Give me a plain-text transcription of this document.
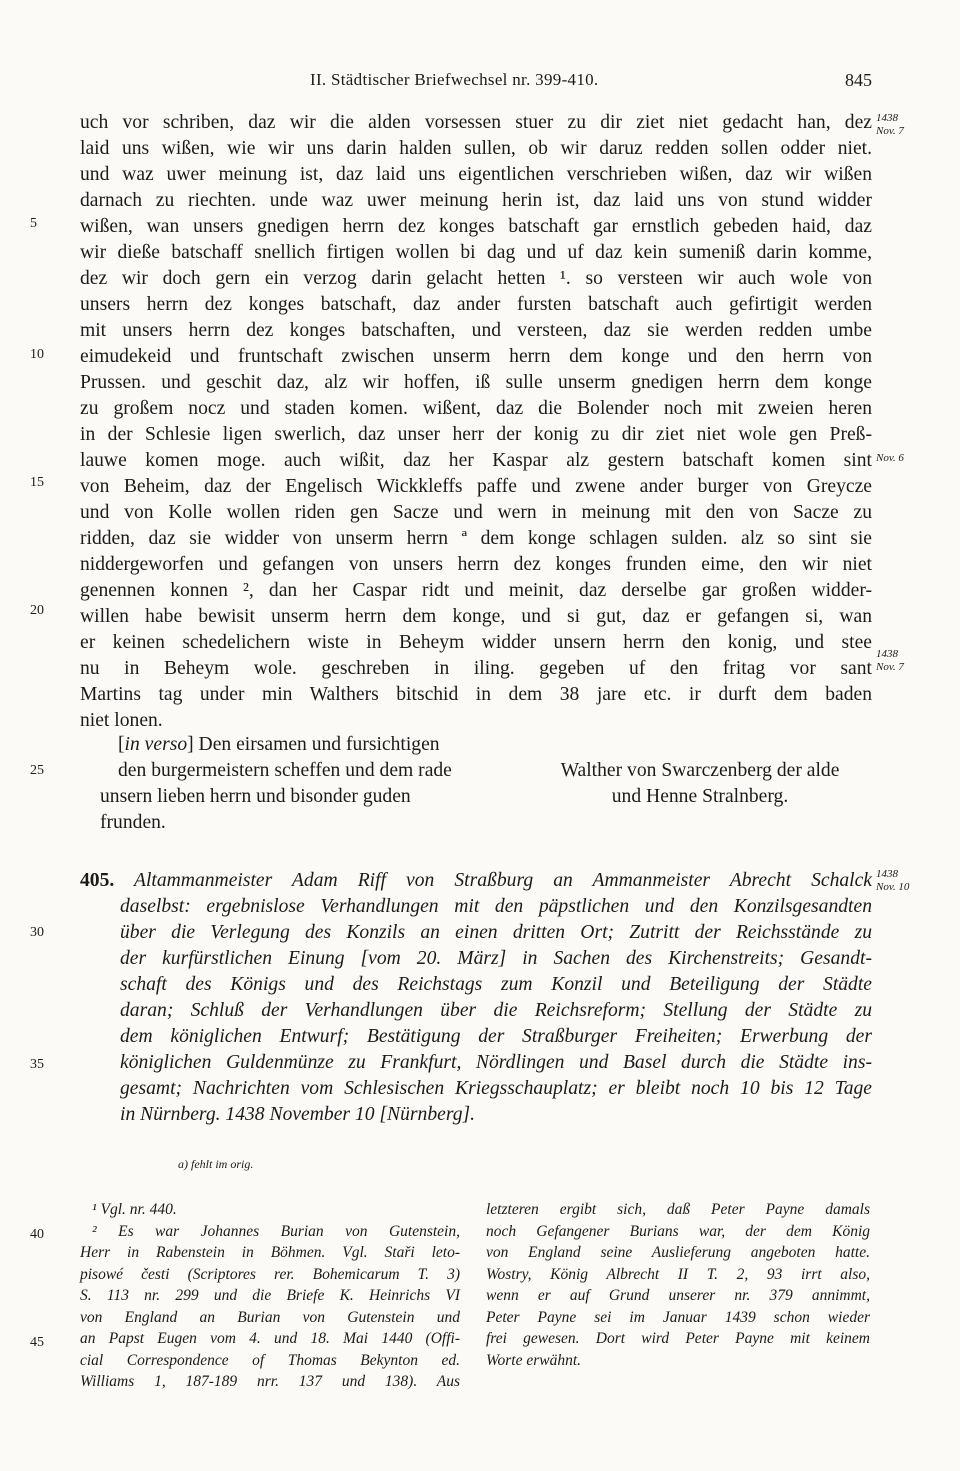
II. Städtischer Briefwechsel nr. 399-410.	845
uch vor schriben, daz wir die alden vorsessen stuer zu dir ziet niet gedacht han, dez
laid uns wißen, wie wir uns darin halden sullen, ob wir daruz redden sollen odder niet.
und waz uwer meinung ist, daz laid uns eigentlichen verschrieben wißen, daz wir wißen
darnach zu riechten. unde waz uwer meinung herin ist, daz laid uns von stund widder
wißen, wan unsers gnedigen herrn dez konges batschaft gar ernstlich gebeden haid, daz
wir dieße batschaff snellich firtigen wollen bi dag und uf daz kein sumeniß darin komme,
dez wir doch gern ein verzog darin gelacht hetten ¹. so versteen wir auch wole von
unsers herrn dez konges batschaft, daz ander fursten batschaft auch gefirtigit werden
mit unsers herrn dez konges batschaften, und versteen, daz sie werden redden umbe
eimudekeid und fruntschaft zwischen unserm herrn dem konge und den herrn von
Prussen. und geschit daz, alz wir hoffen, iß sulle unserm gnedigen herrn dem konge
zu großem nocz und staden komen. wißent, daz die Bolender noch mit zweien heren
in der Schlesie ligen swerlich, daz unser herr der konig zu dir ziet niet wole gen Preß-
lauwe komen moge. auch wißit, daz her Kaspar alz gestern batschaft komen sint
von Beheim, daz der Engelisch Wickkleffs paffe und zwene ander burger von Greycze
und von Kolle wollen riden gen Sacze und wern in meinung mit den von Sacze zu
ridden, daz sie widder von unserm herrn ª dem konge schlagen sulden. alz so sint sie
niddergeworfen und gefangen von unsers herrn dez konges frunden eime, den wir niet
genennen konnen ², dan her Caspar ridt und meinit, daz derselbe gar großen widder-
willen habe bewisit unserm herrn dem konge, und si gut, daz er gefangen si, wan
er keinen schedelichern wiste in Beheym widder unsern herrn den konig, und stee
nu in Beheym wole. geschreben in iling. gegeben uf den fritag vor sant
Martins tag under min Walthers bitschid in dem 38 jare etc. ir durft dem baden
niet lonen.
5
10
15
20
25
30
35
40
45
1438
Nov. 7
Nov. 6
1438
Nov. 7
1438
Nov. 10
[in verso] Den eirsamen und fursichtigen
den burgermeistern scheffen und dem rade
unsern lieben herrn und bisonder guden
frunden.
Walther von Swarczenberg der alde
und Henne Stralnberg.
405. Altammanmeister Adam Riff von Straßburg an Ammanmeister Abrecht Schalck
daselbst: ergebnislose Verhandlungen mit den päpstlichen und den Konzilsgesandten
über die Verlegung des Konzils an einen dritten Ort; Zutritt der Reichsstände zu
der kurfürstlichen Einung [vom 20. März] in Sachen des Kirchenstreits; Gesandt-
schaft des Königs und des Reichstags zum Konzil und Beteiligung der Städte
daran; Schluß der Verhandlungen über die Reichsreform; Stellung der Städte zu
dem königlichen Entwurf; Bestätigung der Straßburger Freiheiten; Erwerbung der
königlichen Guldenmünze zu Frankfurt, Nördlingen und Basel durch die Städte ins-
gesamt; Nachrichten vom Schlesischen Kriegsschauplatz; er bleibt noch 10 bis 12 Tage
in Nürnberg. 1438 November 10 [Nürnberg].
a) fehlt im orig.
¹ Vgl. nr. 440.
² Es war Johannes Burian von Gutenstein,
Herr in Rabenstein in Böhmen. Vgl. Staři leto-
pisowé česti (Scriptores rer. Bohemicarum T. 3)
S. 113 nr. 299 und die Briefe K. Heinrichs VI
von England an Burian von Gutenstein und
an Papst Eugen vom 4. und 18. Mai 1440 (Offi-
cial Correspondence of Thomas Bekynton ed.
Williams 1, 187-189 nrr. 137 und 138). Aus
letzteren ergibt sich, daß Peter Payne damals
noch Gefangener Burians war, der dem König
von England seine Auslieferung angeboten hatte.
Wostry, König Albrecht II T. 2, 93 irrt also,
wenn er auf Grund unserer nr. 379 annimmt,
Peter Payne sei im Januar 1439 schon wieder
frei gewesen. Dort wird Peter Payne mit keinem
Worte erwähnt.
